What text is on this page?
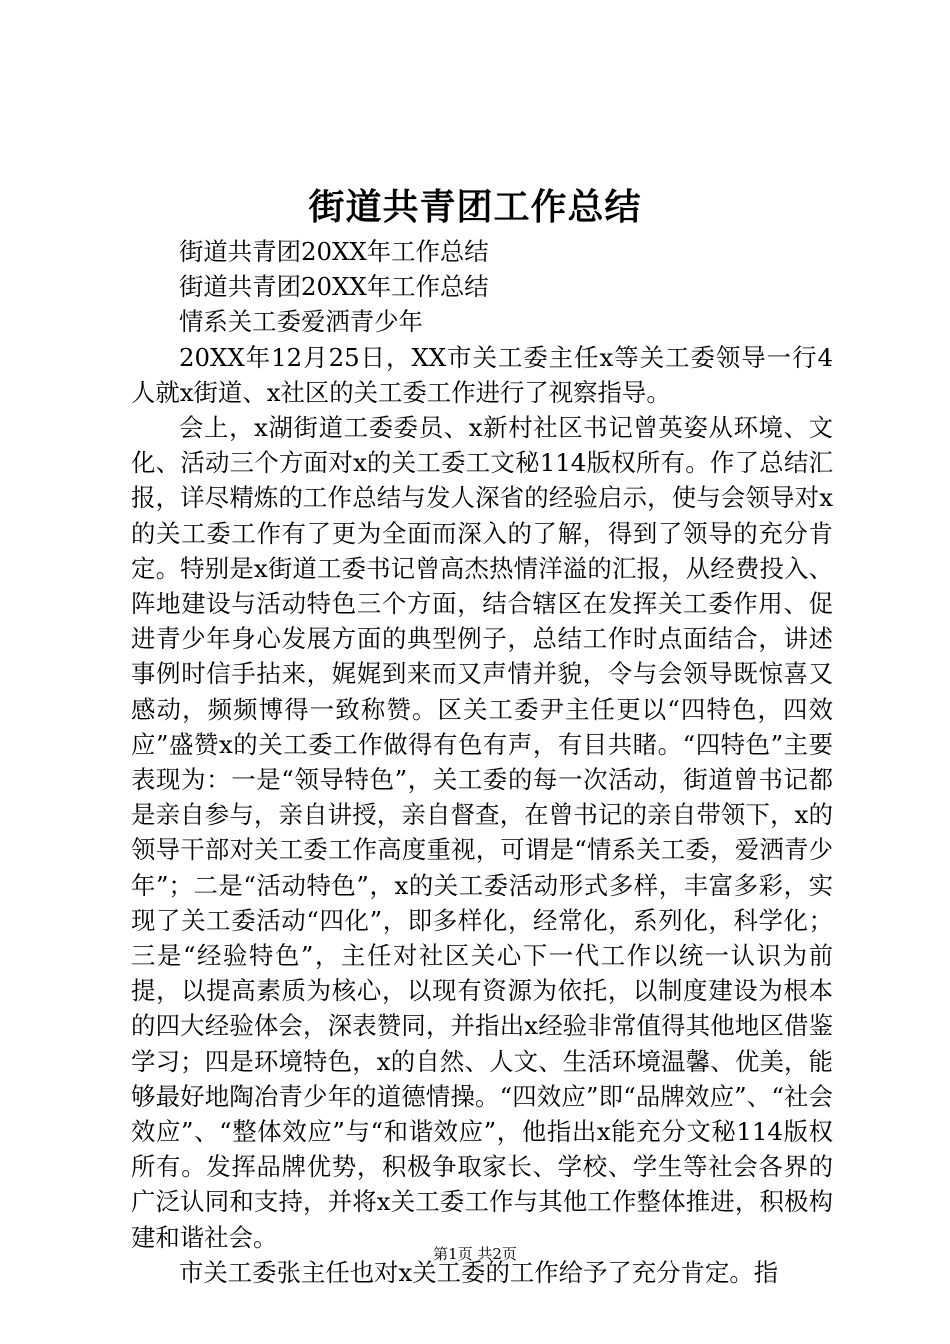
街道共青团工作总结

街道共青团20XX年工作总结

街道共青团20XX年工作总结

情系关工委爱洒青少年

20XX年12月25日，XX市关工委主任x等关工委领导一行4人就x街道、x社区的关工委工作进行了视察指导。

会上，x湖街道工委委员、x新村社区书记曾英姿从环境、文化、活动三个方面对x的关工委工文秘114版权所有。作了总结汇报，详尽精炼的工作总结与发人深省的经验启示，使与会领导对x的关工委工作有了更为全面而深入的了解，得到了领导的充分肯定。特别是x街道工委书记曾高杰热情洋溢的汇报，从经费投入、阵地建设与活动特色三个方面，结合辖区在发挥关工委作用、促进青少年身心发展方面的典型例子，总结工作时点面结合，讲述事例时信手拈来，娓娓到来而又声情并貌，令与会领导既惊喜又感动，频频博得一致称赞。区关工委尹主任更以“四特色，四效应”盛赞x的关工委工作做得有色有声，有目共睹。“四特色”主要表现为：一是“领导特色”，关工委的每一次活动，街道曾书记都是亲自参与，亲自讲授，亲自督查，在曾书记的亲自带领下，x的领导干部对关工委工作高度重视，可谓是“情系关工委，爱洒青少年”；二是“活动特色”，x的关工委活动形式多样，丰富多彩，实现了关工委活动“四化”，即多样化，经常化，系列化，科学化；三是“经验特色”，主任对社区关心下一代工作以统一认识为前提，以提高素质为核心，以现有资源为依托，以制度建设为根本的四大经验体会，深表赞同，并指出x经验非常值得其他地区借鉴学习；四是环境特色，x的自然、人文、生活环境温馨、优美，能够最好地陶冶青少年的道德情操。“四效应”即“品牌效应”、“社会效应”、“整体效应”与“和谐效应”，他指出x能充分文秘114版权所有。发挥品牌优势，积极争取家长、学校、学生等社会各界的广泛认同和支持，并将x关工委工作与其他工作整体推进，积极构建和谐社会。

市关工委张主任也对x关工委的工作给予了充分肯定。指

第1页 共2页
